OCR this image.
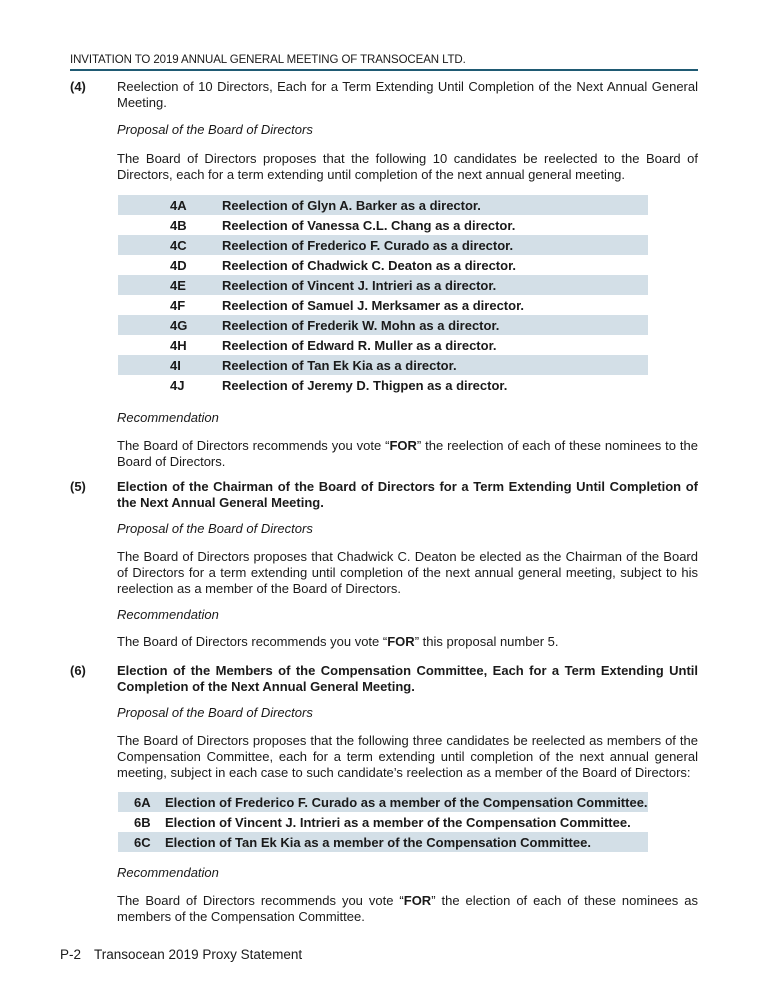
INVITATION TO 2019 ANNUAL GENERAL MEETING OF TRANSOCEAN LTD.
(4) Reelection of 10 Directors, Each for a Term Extending Until Completion of the Next Annual General Meeting.
Proposal of the Board of Directors
The Board of Directors proposes that the following 10 candidates be reelected to the Board of Directors, each for a term extending until completion of the next annual general meeting.
4A	Reelection of Glyn A. Barker as a director.
4B	Reelection of Vanessa C.L. Chang as a director.
4C	Reelection of Frederico F. Curado as a director.
4D	Reelection of Chadwick C. Deaton as a director.
4E	Reelection of Vincent J. Intrieri as a director.
4F	Reelection of Samuel J. Merksamer as a director.
4G	Reelection of Frederik W. Mohn as a director.
4H	Reelection of Edward R. Muller as a director.
4I	Reelection of Tan Ek Kia as a director.
4J	Reelection of Jeremy D. Thigpen as a director.
Recommendation
The Board of Directors recommends you vote “FOR” the reelection of each of these nominees to the Board of Directors.
(5) Election of the Chairman of the Board of Directors for a Term Extending Until Completion of the Next Annual General Meeting.
Proposal of the Board of Directors
The Board of Directors proposes that Chadwick C. Deaton be elected as the Chairman of the Board of Directors for a term extending until completion of the next annual general meeting, subject to his reelection as a member of the Board of Directors.
Recommendation
The Board of Directors recommends you vote “FOR” this proposal number 5.
(6) Election of the Members of the Compensation Committee, Each for a Term Extending Until Completion of the Next Annual General Meeting.
Proposal of the Board of Directors
The Board of Directors proposes that the following three candidates be reelected as members of the Compensation Committee, each for a term extending until completion of the next annual general meeting, subject in each case to such candidate’s reelection as a member of the Board of Directors:
6A	Election of Frederico F. Curado as a member of the Compensation Committee.
6B	Election of Vincent J. Intrieri as a member of the Compensation Committee.
6C	Election of Tan Ek Kia as a member of the Compensation Committee.
Recommendation
The Board of Directors recommends you vote “FOR” the election of each of these nominees as members of the Compensation Committee.
P-2 Transocean 2019 Proxy Statement
